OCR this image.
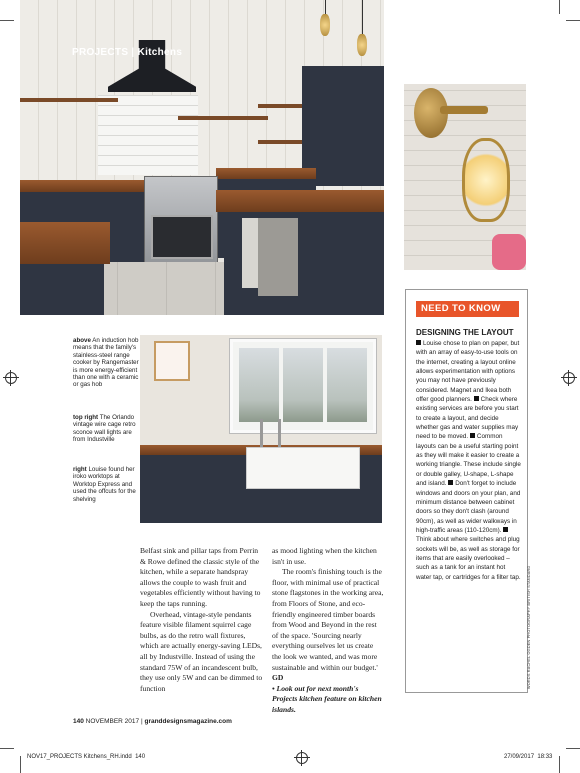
PROJECTS | Kitchens
above An induction hob means that the family's stainless-steel range cooker by Rangemaster is more energy-efficient than one with a ceramic or gas hob
top right The Orlando vintage wire cage retro sconce wall lights are from Industville
right Louise found her iroko worktops at Worktop Express and used the offcuts for the shelving

Belfast sink and pillar taps from Perrin & Rowe defined the classic style of the kitchen, while a separate handspray allows the couple to wash fruit and vegetables efficiently without having to keep the taps running.

Overhead, vintage-style pendants feature visible filament squirrel cage bulbs, as do the retro wall fixtures, which are actually energy-saving LEDs, all by Industville. Instead of using the standard 75W of an incandescent bulb, they use only 5W and can be dimmed to function

as mood lighting when the kitchen isn't in use.

The room's finishing touch is the floor, with minimal use of practical stone flagstones in the working area, from Floors of Stone, and eco-friendly engineered timber boards from Wood and Beyond in the rest of the space. 'Sourcing nearly everything ourselves let us create the look we wanted, and was more sustainable and within our budget.' GD

• Look out for next month's Projects kitchen feature on kitchen islands.

NEED TO KNOW
DESIGNING THE LAYOUT
Louise chose to plan on paper, but with an array of easy-to-use tools on the internet, creating a layout online allows experimentation with options you may not have previously considered. Magnet and Ikea both offer good planners. Check where existing services are before you start to create a layout, and decide whether gas and water supplies may need to be moved. Common layouts can be a useful starting point as they will make it easier to create a working triangle. These include single or double galley, U-shape, L-shape and island. Don't forget to include windows and doors on your plan, and minimum distance between cabinet doors so they don't clash (around 90cm), as well as wider walkways in high-traffic areas (110-120cm). Think about where switches and plug sockets will be, as well as storage for items that are easily overlooked – such as a tank for an instant hot water tap, or cartridges for a filter tap.	WORDS RACHEL OGDEN PHOTOGRAPHY BRITISH STANDARD
140 NOVEMBER 2017 | granddesignsmagazine.com
NOV17_PROJECTS Kitchens_RH.indd 140	27/09/2017 18:33
